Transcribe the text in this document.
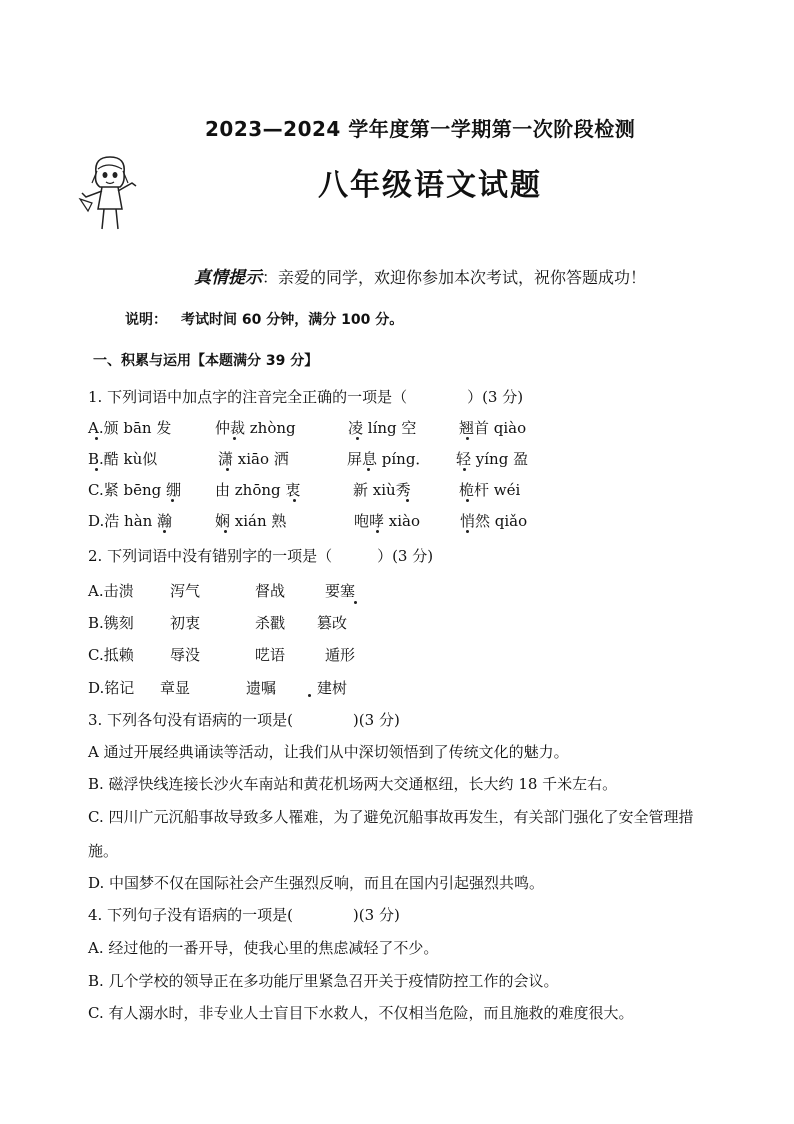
2023—2024 学年度第一学期第一次阶段检测
八年级语文试题
真情提示：亲爱的同学，欢迎你参加本次考试，祝你答题成功！
说明： 考试时间 60 分钟，满分 100 分。
一、积累与运用【本题满分 39 分】
1. 下列词语中加点字的注音完全正确的一项是（　　　　）(3 分)
A.颁 bān 发	仲裁 zhòng	凌 líng 空	翘首 qiào
B.酷 kù似	潇 xiāo 洒	屏息 píng． 轻 yíng 盈
C.紧 bēng 绷 由 zhōng 衷	新 xiù秀	桅杆 wéi
D.浩 hàn 瀚	娴 xián 熟	咆哮 xiào	悄然 qiǎo
2. 下列词语中没有错别字的一项是（　　　）(3 分)
A.击溃 泻气	督战	要塞
B.镌刻 初衷	杀戳 篡改
C.抵赖 辱没	呓语	遁形
D.铭记 章显	遗嘱	建树
3. 下列各句没有语病的一项是(　　　　)(3 分)
A 通过开展经典诵读等活动，让我们从中深切领悟到了传统文化的魅力。
B. 磁浮快线连接长沙火车南站和黄花机场两大交通枢纽，长大约 18 千米左右。
C. 四川广元沉船事故导致多人罹难，为了避免沉船事故再发生，有关部门强化了安全管理措
施。
D. 中国梦不仅在国际社会产生强烈反响，而且在国内引起强烈共鸣。
4. 下列句子没有语病的一项是(　　　　)(3 分)
A. 经过他的一番开导，使我心里的焦虑减轻了不少。
B. 几个学校的领导正在多功能厅里紧急召开关于疫情防控工作的会议。
C. 有人溺水时，非专业人士盲目下水救人，不仅相当危险，而且施救的难度很大。
